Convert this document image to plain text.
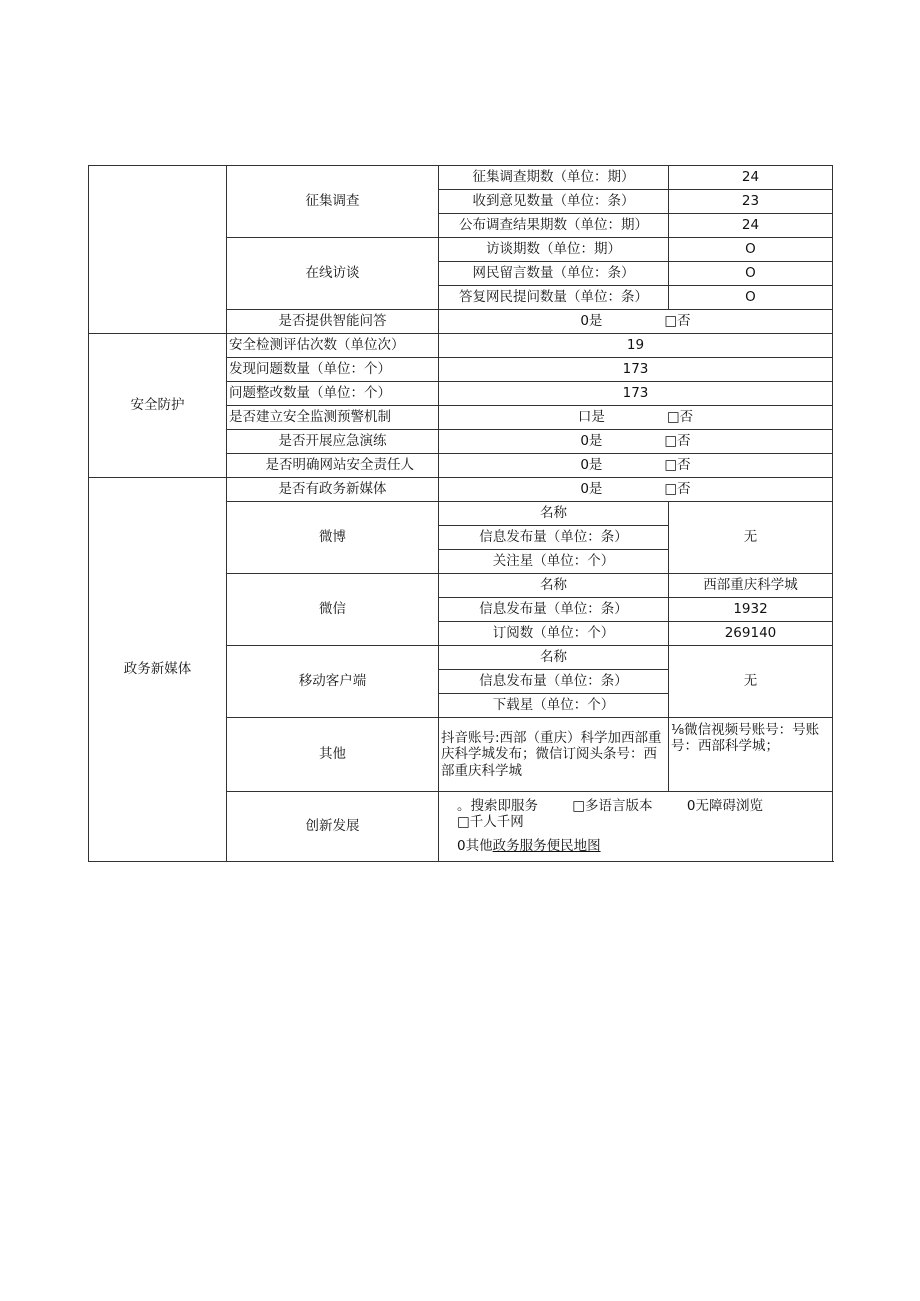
	征集调查	征集调查期数（单位：期）	24
		收到意见数量（单位：条）	23
		公布调查结果期数（单位：期）	24
	在线访谈	访谈期数（单位：期）	O
		网民留言数量（单位：条）	O
		答复网民提问数量（单位：条）	O
	是否提供智能问答	0是 □否	
安全防护	安全检测评估次数（单位次）	19	
	发现问题数量（单位：个）	173	
	问题整改数量（单位：个）	173	
	是否建立安全监测预警机制	口是 □否	
	是否开展应急演练	0是 □否	
	是否明确网站安全责任人	0是 □否	
政务新媒体	是否有政务新媒体	0是 □否	
	微博	名称	无
		信息发布量（单位：条）	
		关注星（单位：个）	
	微信	名称	西部重庆科学城
		信息发布量（单位：条）	1932
		订阅数（单位：个）	269140
	移动客户端	名称	无
		信息发布量（单位：条）	
		下载星（单位：个）	
	其他	抖音账号:西部（重庆）科学加西部重庆科学城发布；微信订阅头条号：西部重庆科学城	⅛微信视频号账号：号账号：西部科学城；
	创新发展	。搜索即服务 □多语言版本 0无障碍浏览 □千人千网
0其他政务服务便民地图	
